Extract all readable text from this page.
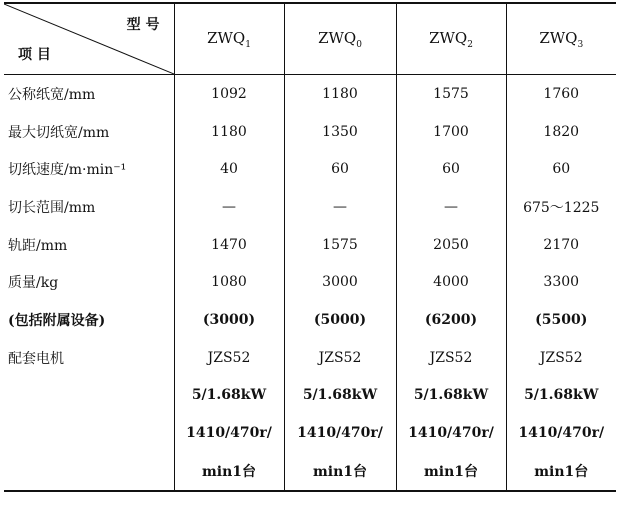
型 号
项 目	$ZWQ_1$	$ZWQ_0$	$ZWQ_2$	$ZWQ_3$
公称纸宽/mm	1092	1180	1575	1760
最大切纸宽/mm	1180	1350	1700	1820
切纸速度/m·min⁻¹	40	60	60	60
切长范围/mm	—	—	—	675～1225
轨距/mm	1470	1575	2050	2170
质量/kg	1080	3000	4000	3300
(包括附属设备)	(3000)	(5000)	(6200)	(5500)
配套电机	JZS52	JZS52	JZS52	JZS52
	5/1.68kW	5/1.68kW	5/1.68kW	5/1.68kW
	1410/470r/	1410/470r/	1410/470r/	1410/470r/
	min1台	min1台	min1台	min1台
